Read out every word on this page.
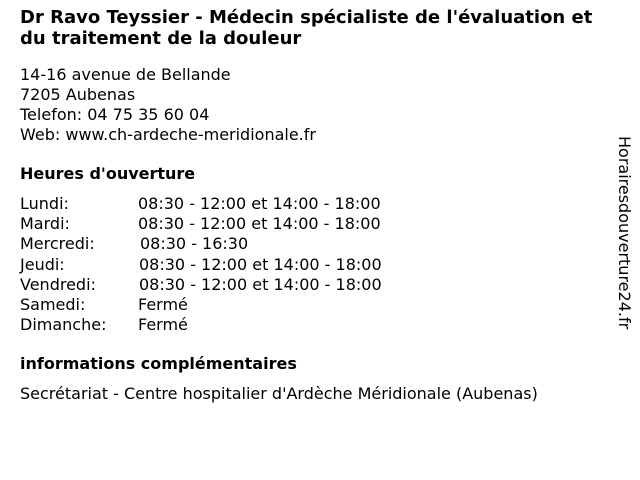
Dr Ravo Teyssier - Médecin spécialiste de l'évaluation et du traitement de la douleur
14-16 avenue de Bellande
7205 Aubenas
Telefon: 04 75 35 60 04
Web: www.ch-ardeche-meridionale.fr
Heures d'ouverture
Lundi:	08:30 - 12:00 et 14:00 - 18:00
Mardi:	08:30 - 12:00 et 14:00 - 18:00
Mercredi:	08:30 - 16:30
Jeudi:	08:30 - 12:00 et 14:00 - 18:00
Vendredi:	08:30 - 12:00 et 14:00 - 18:00
Samedi:	Fermé
Dimanche: Fermé
informations complémentaires
Secrétariat - Centre hospitalier d'Ardèche Méridionale (Aubenas)
Horairesdouverture24.fr
